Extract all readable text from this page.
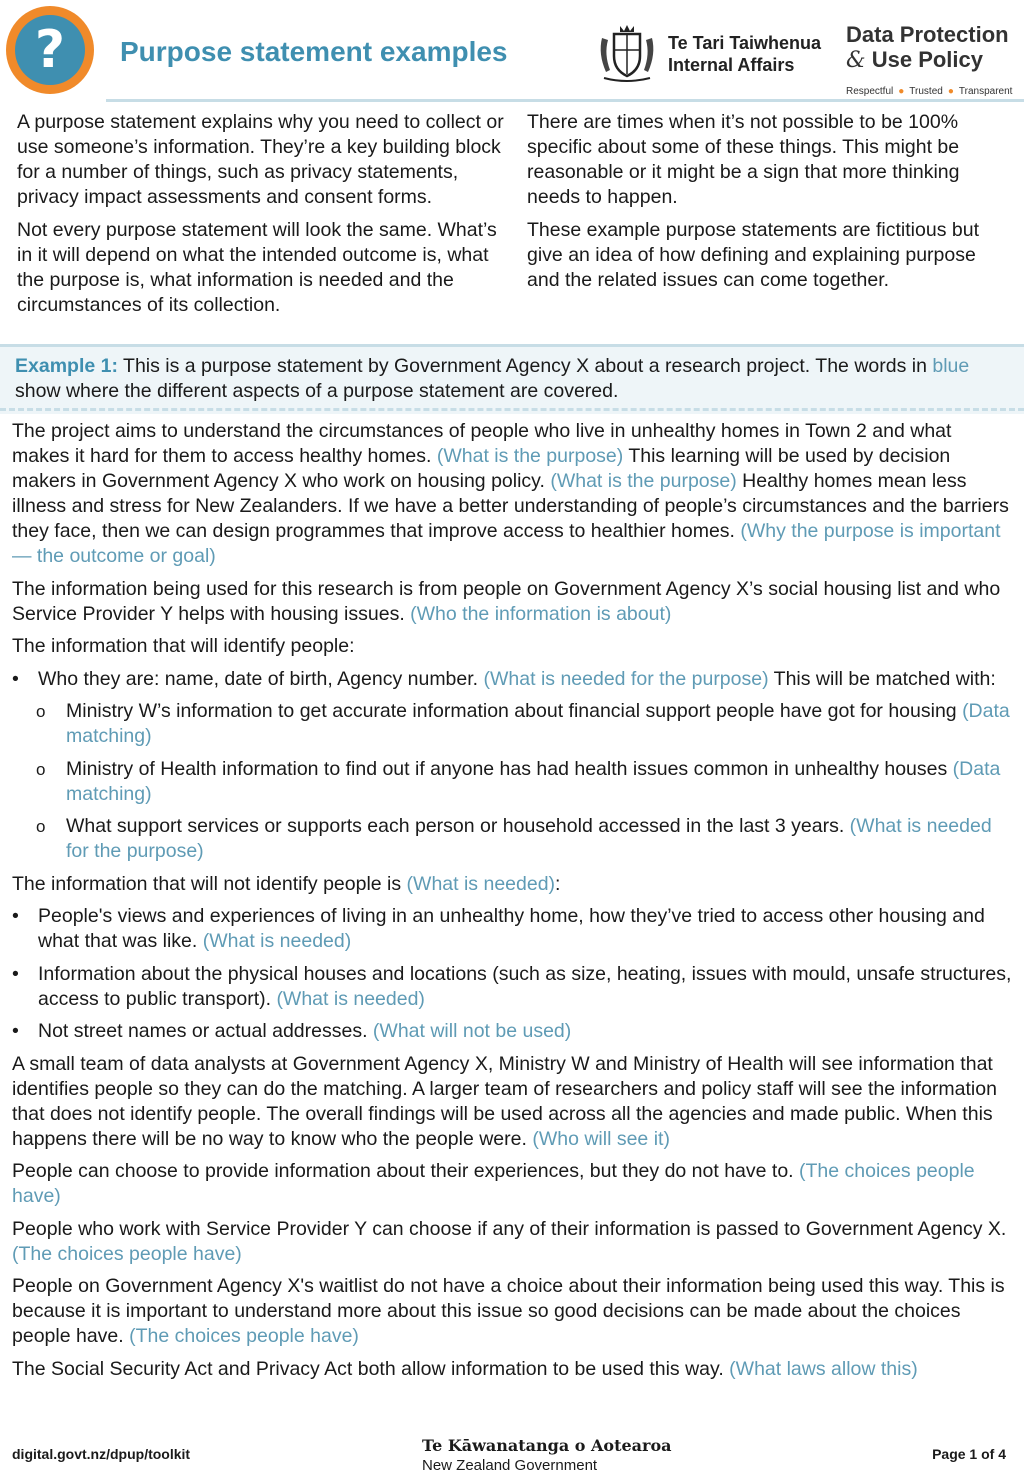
?	Purpose statement examples	Te Tari Taiwhenua
Internal Affairs
Data Protection
& Use Policy
Respectful ● Trusted ● Transparent

A purpose statement explains why you need to collect or use someone’s information. They’re a key building block for a number of things, such as privacy statements, privacy impact assessments and consent forms.

Not every purpose statement will look the same. What’s in it will depend on what the intended outcome is, what the purpose is, what information is needed and the circumstances of its collection.

There are times when it’s not possible to be 100% specific about some of these things. This might be reasonable or it might be a sign that more thinking needs to happen.

These example purpose statements are fictitious but give an idea of how defining and explaining purpose and the related issues can come together.

Example 1: This is a purpose statement by Government Agency X about a research project. The words in blue show where the different aspects of a purpose statement are covered.

The project aims to understand the circumstances of people who live in unhealthy homes in Town 2 and what makes it hard for them to access healthy homes. (What is the purpose) This learning will be used by decision makers in Government Agency X who work on housing policy. (What is the purpose) Healthy homes mean less illness and stress for New Zealanders. If we have a better understanding of people’s circumstances and the barriers they face, then we can design programmes that improve access to healthier homes. (Why the purpose is important — the outcome or goal)

The information being used for this research is from people on Government Agency X’s social housing list and who Service Provider Y helps with housing issues. (Who the information is about)

The information that will identify people:

• Who they are: name, date of birth, Agency number. (What is needed for the purpose) This will be matched with:
o	Ministry W’s information to get accurate information about financial support people have got for housing (Data matching)
o	Ministry of Health information to find out if anyone has had health issues common in unhealthy houses (Data matching)
o	What support services or supports each person or household accessed in the last 3 years. (What is needed for the purpose)

The information that will not identify people is (What is needed):

• People's views and experiences of living in an unhealthy home, how they’ve tried to access other housing and what that was like. (What is needed)
• Information about the physical houses and locations (such as size, heating, issues with mould, unsafe structures, access to public transport). (What is needed)
• Not street names or actual addresses. (What will not be used)

A small team of data analysts at Government Agency X, Ministry W and Ministry of Health will see information that identifies people so they can do the matching. A larger team of researchers and policy staff will see the information that does not identify people. The overall findings will be used across all the agencies and made public. When this happens there will be no way to know who the people were. (Who will see it)

People can choose to provide information about their experiences, but they do not have to. (The choices people have)

People who work with Service Provider Y can choose if any of their information is passed to Government Agency X. (The choices people have)

People on Government Agency X's waitlist do not have a choice about their information being used this way. This is because it is important to understand more about this issue so good decisions can be made about the choices people have. (The choices people have)

The Social Security Act and Privacy Act both allow information to be used this way. (What laws allow this)

digital.govt.nz/dpup/toolkit	Te Kāwanatanga o Aotearoa
New Zealand Government
Page 1 of 4
